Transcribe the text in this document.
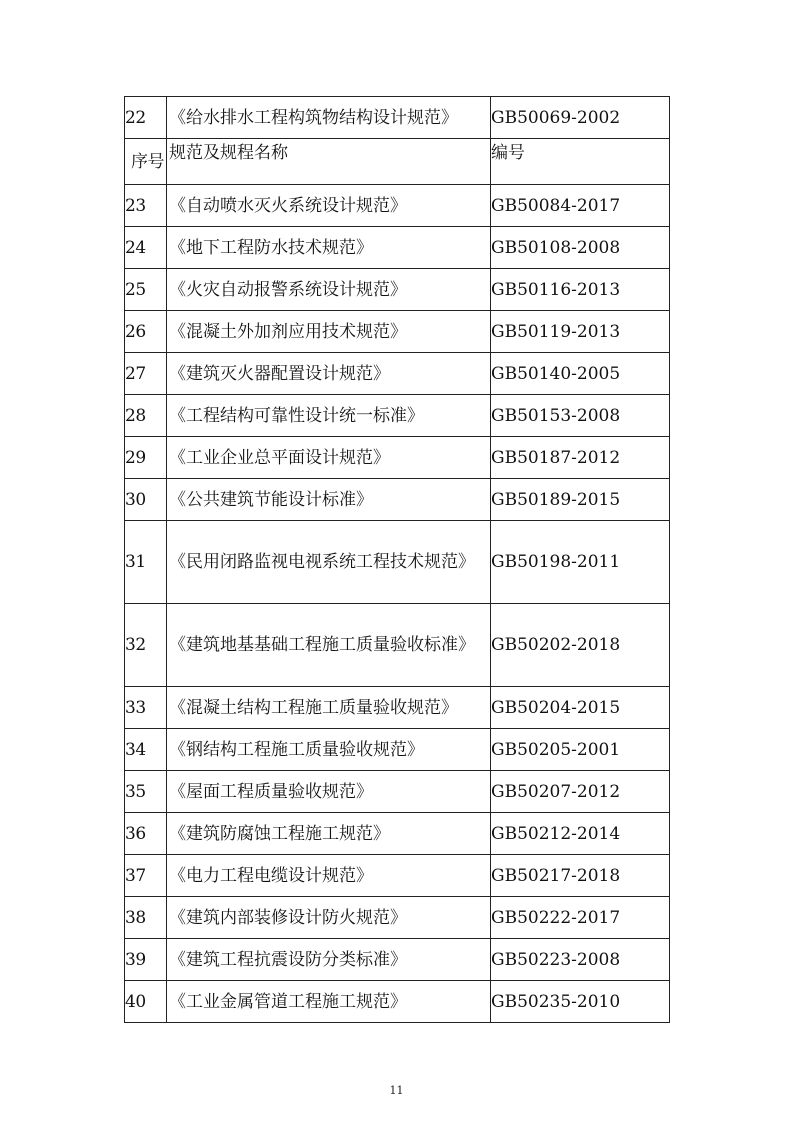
22	《给水排水工程构筑物结构设计规范》	GB50069-2002
序号	规范及规程名称	编号
23	《自动喷水灭火系统设计规范》	GB50084-2017
24	《地下工程防水技术规范》	GB50108-2008
25	《火灾自动报警系统设计规范》	GB50116-2013
26	《混凝土外加剂应用技术规范》	GB50119-2013
27	《建筑灭火器配置设计规范》	GB50140-2005
28	《工程结构可靠性设计统一标准》	GB50153-2008
29	《工业企业总平面设计规范》	GB50187-2012
30	《公共建筑节能设计标准》	GB50189-2015
31	《民用闭路监视电视系统工程技术规范》	GB50198-2011
32	《建筑地基基础工程施工质量验收标准》	GB50202-2018
33	《混凝土结构工程施工质量验收规范》	GB50204-2015
34	《钢结构工程施工质量验收规范》	GB50205-2001
35	《屋面工程质量验收规范》	GB50207-2012
36	《建筑防腐蚀工程施工规范》	GB50212-2014
37	《电力工程电缆设计规范》	GB50217-2018
38	《建筑内部装修设计防火规范》	GB50222-2017
39	《建筑工程抗震设防分类标准》	GB50223-2008
40	《工业金属管道工程施工规范》	GB50235-2010
11
